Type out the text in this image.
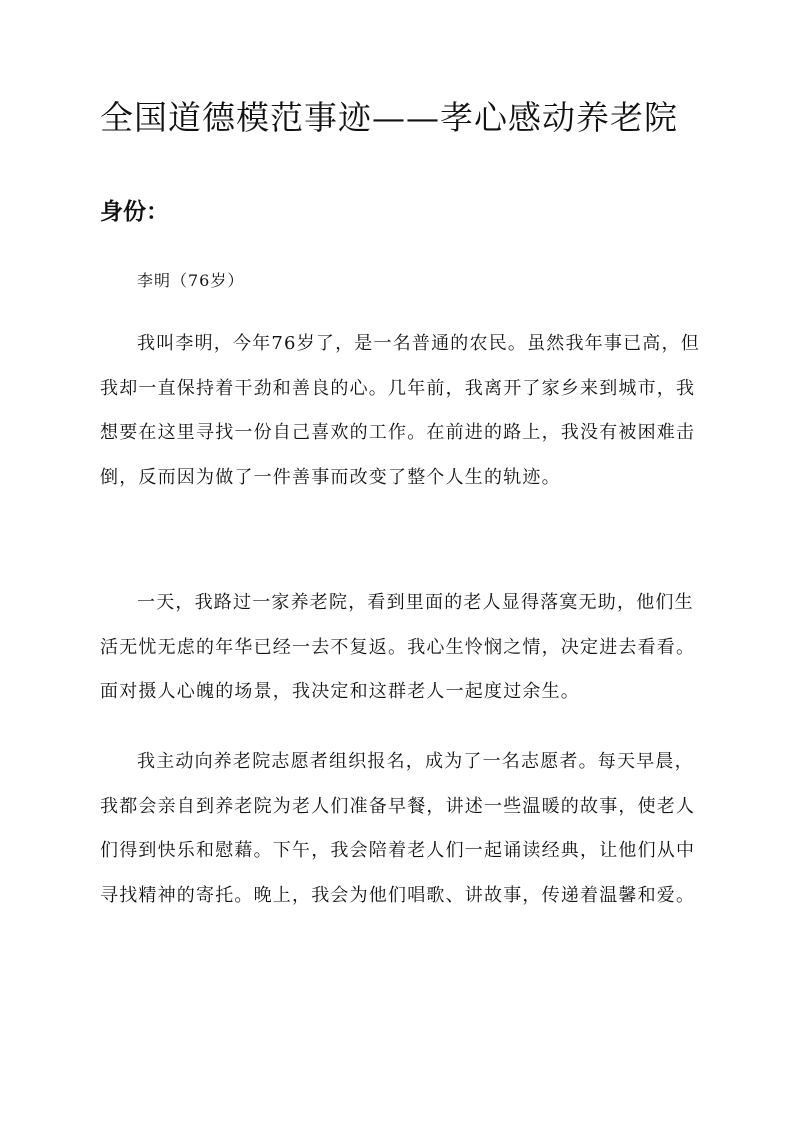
全国道德模范事迹——孝心感动养老院
身份：

李明（76岁）

我叫李明，今年76岁了，是一名普通的农民。虽然我年事已高，但我却一直保持着干劲和善良的心。几年前，我离开了家乡来到城市，我想要在这里寻找一份自己喜欢的工作。在前进的路上，我没有被困难击倒，反而因为做了一件善事而改变了整个人生的轨迹。

一天，我路过一家养老院，看到里面的老人显得落寞无助，他们生活无忧无虑的年华已经一去不复返。我心生怜悯之情，决定进去看看。面对摄人心魄的场景，我决定和这群老人一起度过余生。

我主动向养老院志愿者组织报名，成为了一名志愿者。每天早晨，我都会亲自到养老院为老人们准备早餐，讲述一些温暖的故事，使老人们得到快乐和慰藉。下午，我会陪着老人们一起诵读经典，让他们从中寻找精神的寄托。晚上，我会为他们唱歌、讲故事，传递着温馨和爱。
